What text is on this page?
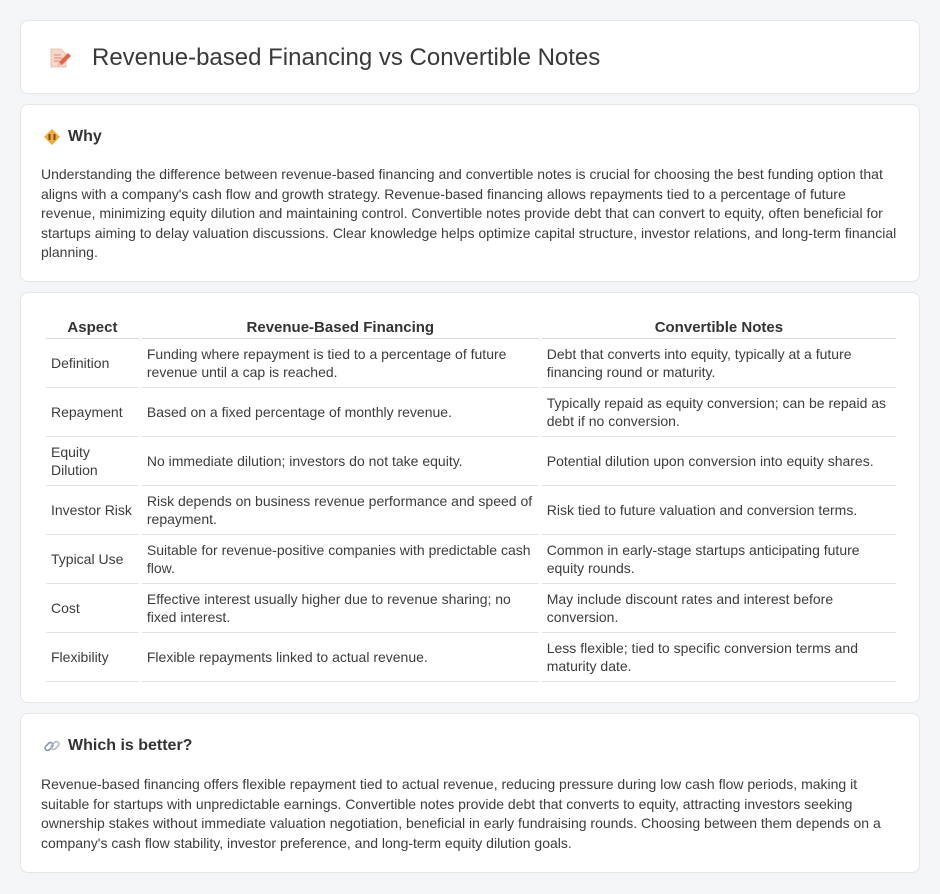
Revenue-based Financing vs Convertible Notes
Why

Understanding the difference between revenue-based financing and convertible notes is crucial for choosing the best funding option that aligns with a company's cash flow and growth strategy. Revenue-based financing allows repayments tied to a percentage of future revenue, minimizing equity dilution and maintaining control. Convertible notes provide debt that can convert to equity, often beneficial for startups aiming to delay valuation discussions. Clear knowledge helps optimize capital structure, investor relations, and long-term financial planning.

Aspect	Revenue-Based Financing	Convertible Notes
Definition	Funding where repayment is tied to a percentage of future revenue until a cap is reached.	Debt that converts into equity, typically at a future financing round or maturity.
Repayment	Based on a fixed percentage of monthly revenue.	Typically repaid as equity conversion; can be repaid as debt if no conversion.
Equity Dilution	No immediate dilution; investors do not take equity.	Potential dilution upon conversion into equity shares.
Investor Risk	Risk depends on business revenue performance and speed of repayment.	Risk tied to future valuation and conversion terms.
Typical Use	Suitable for revenue-positive companies with predictable cash flow.	Common in early-stage startups anticipating future equity rounds.
Cost	Effective interest usually higher due to revenue sharing; no fixed interest.	May include discount rates and interest before conversion.
Flexibility	Flexible repayments linked to actual revenue.	Less flexible; tied to specific conversion terms and maturity date.
Which is better?

Revenue-based financing offers flexible repayment tied to actual revenue, reducing pressure during low cash flow periods, making it suitable for startups with unpredictable earnings. Convertible notes provide debt that converts to equity, attracting investors seeking ownership stakes without immediate valuation negotiation, beneficial in early fundraising rounds. Choosing between them depends on a company's cash flow stability, investor preference, and long-term equity dilution goals.
